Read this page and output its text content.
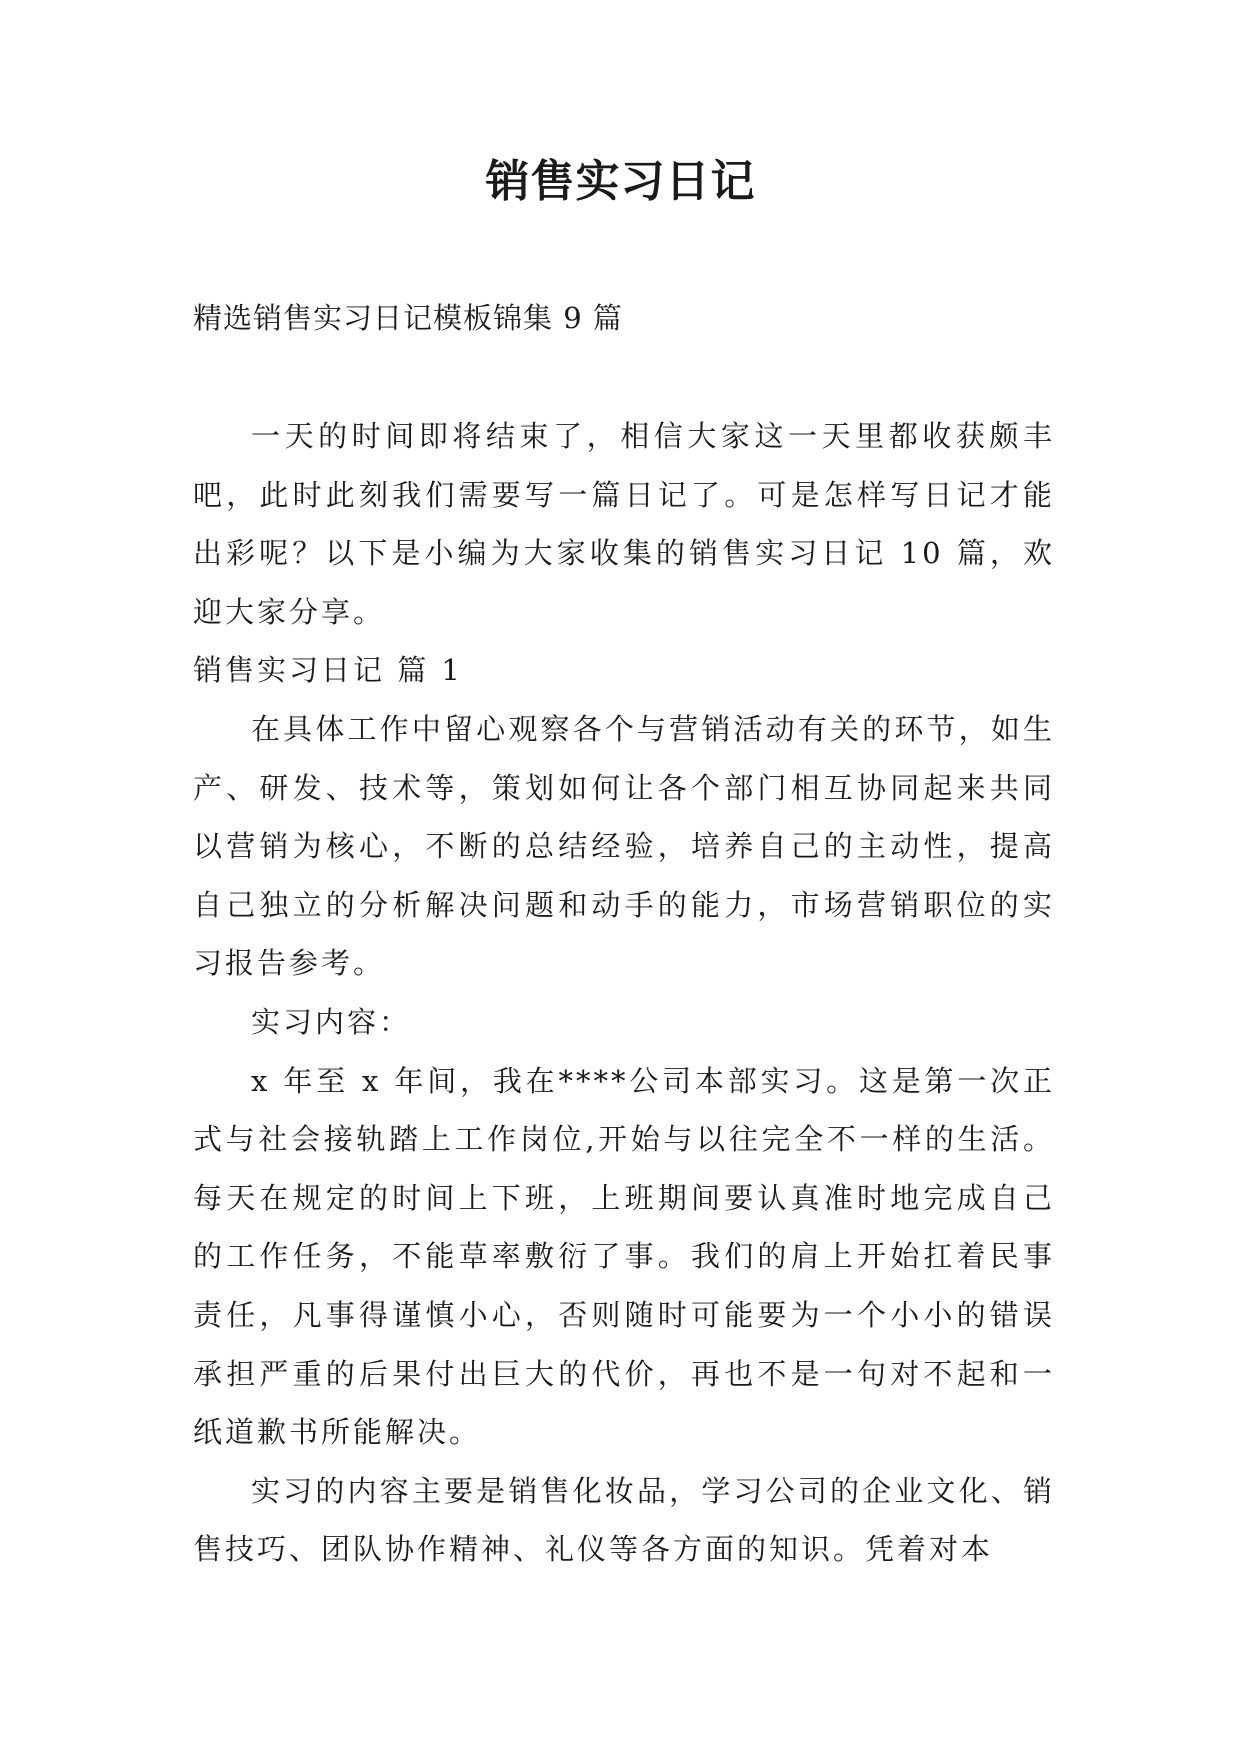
销售实习日记

精选销售实习日记模板锦集 9 篇

一天的时间即将结束了，相信大家这一天里都收获颇丰吧，此时此刻我们需要写一篇日记了。可是怎样写日记才能出彩呢？以下是小编为大家收集的销售实习日记 10 篇，欢迎大家分享。

销售实习日记 篇 1

在具体工作中留心观察各个与营销活动有关的环节，如生产、研发、技术等，策划如何让各个部门相互协同起来共同以营销为核心，不断的总结经验，培养自己的主动性，提高自己独立的分析解决问题和动手的能力，市场营销职位的实习报告参考。

实习内容：

x 年至 x 年间，我在****公司本部实习。这是第一次正式与社会接轨踏上工作岗位,开始与以往完全不一样的生活。每天在规定的时间上下班，上班期间要认真准时地完成自己的工作任务，不能草率敷衍了事。我们的肩上开始扛着民事责任，凡事得谨慎小心，否则随时可能要为一个小小的错误承担严重的后果付出巨大的代价，再也不是一句对不起和一纸道歉书所能解决。

实习的内容主要是销售化妆品，学习公司的企业文化、销售技巧、团队协作精神、礼仪等各方面的知识。凭着对本
